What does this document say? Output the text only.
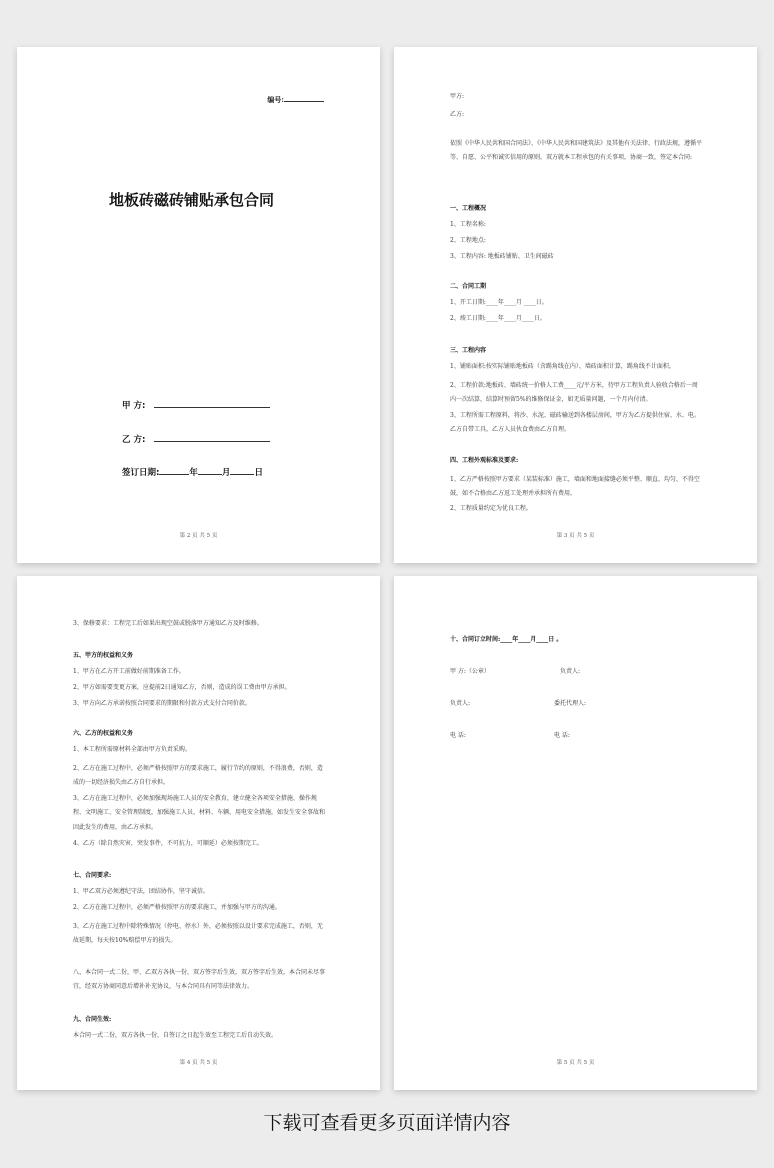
编号:
地板砖磁砖铺贴承包合同
甲 方:
乙 方:
签订日期:	年	月	日
第 2 页 共 5 页
甲方:
乙方:
依照《中华人民共和国合同法》、《中华人民共和国建筑法》及其他有关法律、行政法规，遵循平等、自愿、公平和诚实信用的原则，双方就本工程承包的有关事项，协商一致，签定本合同:
一、工程概况
1、工程名称:
2、工程地点:
3、工程内容: 地板砖铺贴、卫生间磁砖
二、合同工期
1、开工日期:____年____月 ____日。
2、竣工日期:____年____月____日。
三、工程内容
1、铺贴面积:按实际铺贴地板砖（含踢角线在内）、墙砖面积计算，踢角线不计面积。
2、工程价款:地板砖、墙砖统一价格人工费____元/平方米，待甲方工程负责人验收合格后一周内一次结算，结算时预留5%的维修保证金，如无质量问题，一个月内付清。
3、工程所需工程原料，将沙、水泥、磁砖输送到各楼层房间，甲方为乙方提供住宿、水、电。乙方自带工具，乙方人员伙食费由乙方自理。
四、工程外观标准及要求:
1、乙方严格按照甲方要求（某装标准）施工，墙面和地面接缝必须平整、顺直、均匀、不得空鼓，如不合格由乙方返工处理并承担所有费用。
2、工程质量约定为优良工程。
第 3 页 共 5 页
3、保修要求：工程完工后如果出现空鼓或脱落甲方通知乙方及时维修。
五、甲方的权益和义务
1、甲方在乙方开工前做好前期准备工作。
2、甲方如需要变更方案，应提前2日通知乙方，否则，造成的误工费由甲方承担。
3、甲方向乙方承诺按照合同要求的期限和付款方式支付合同价款。
六、乙方的权益和义务
1、本工程所需原材料全部由甲方负责采购。
2、乙方在施工过程中，必须严格按照甲方的要求施工，履行节约的原则，不得浪费，否则，造成的一切经济损失由乙方自行承担。
3、乙方在施工过程中，必须加强现场施工人员的安全教育，建立健全各项安全措施、操作规程、文明施工、安全管理制度，加强施工人员、材料、车辆、用电安全措施，如发生安全事故和因此发生的费用，由乙方承担。
4、乙方（除自然灾害，突发事件，不可抗力，可顺延）必须按期完工。
七、合同要求:
1、甲乙双方必须遵纪守法，团结协作，坚守诚信。
2、乙方在施工过程中，必须严格按照甲方的要求施工，并加强与甲方的沟通。
3、乙方在施工过程中除特殊情况（停电、停水）外，必须按照以设计要求完成施工，否则，无故延期，每天按10%赔偿甲方的损失。
八、本合同一式二份，甲、乙双方各执一份，双方签字后生效，双方签字后生效，本合同未尽事宜，经双方协商同意后增补补充协议，与本合同具有同等法律效力。
九、合同生效:
本合同一式二份，双方各执一份，自签订之日起生效至工程完工后自动失效。
第 4 页 共 5 页
十、合同订立时间:____年____月____日 。
甲 方:（公章）	负责人:
负责人:	委托代理人:
电 话:	电 话:
第 5 页 共 5 页
下载可查看更多页面详情内容
